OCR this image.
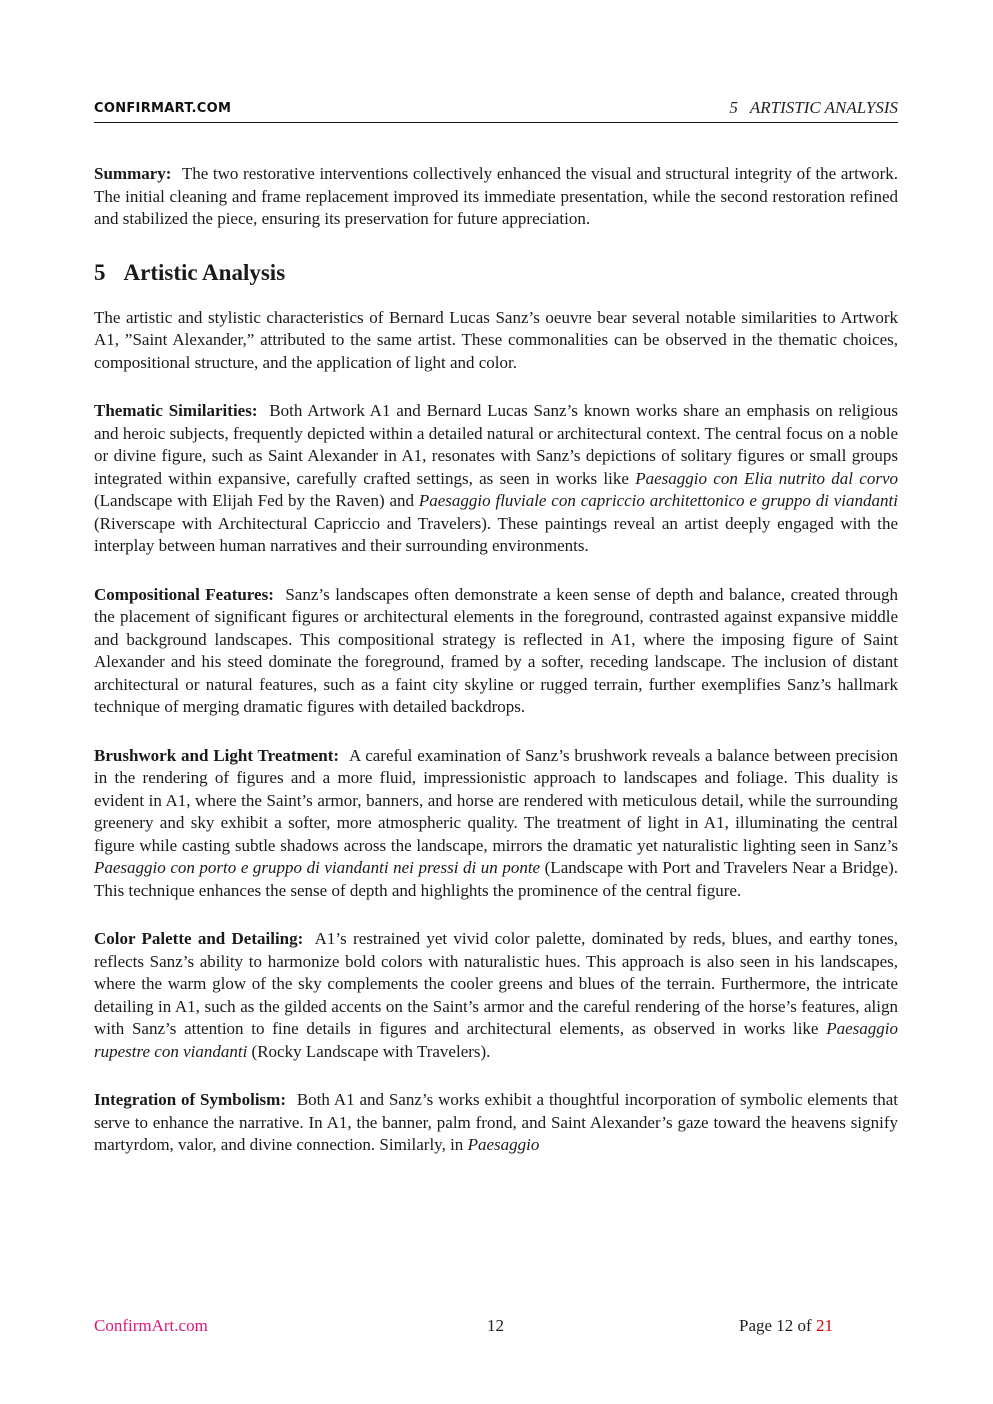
CONFIRMART.COM	5 ARTISTIC ANALYSIS

Summary: The two restorative interventions collectively enhanced the visual and structural integrity of the artwork. The initial cleaning and frame replacement improved its immediate presentation, while the second restoration refined and stabilized the piece, ensuring its preservation for future appreciation.

5 Artistic Analysis

The artistic and stylistic characteristics of Bernard Lucas Sanz’s oeuvre bear several notable similarities to Artwork A1, ”Saint Alexander,” attributed to the same artist. These commonalities can be observed in the thematic choices, compositional structure, and the application of light and color.

Thematic Similarities: Both Artwork A1 and Bernard Lucas Sanz’s known works share an emphasis on religious and heroic subjects, frequently depicted within a detailed natural or architectural context. The central focus on a noble or divine figure, such as Saint Alexander in A1, resonates with Sanz’s depictions of solitary figures or small groups integrated within expansive, carefully crafted settings, as seen in works like Paesaggio con Elia nutrito dal corvo (Landscape with Elijah Fed by the Raven) and Paesaggio fluviale con capriccio architettonico e gruppo di viandanti (Riverscape with Architectural Capriccio and Travelers). These paintings reveal an artist deeply engaged with the interplay between human narratives and their surrounding environments.

Compositional Features: Sanz’s landscapes often demonstrate a keen sense of depth and balance, created through the placement of significant figures or architectural elements in the foreground, contrasted against expansive middle and background landscapes. This compositional strategy is reflected in A1, where the imposing figure of Saint Alexander and his steed dominate the foreground, framed by a softer, receding landscape. The inclusion of distant architectural or natural features, such as a faint city skyline or rugged terrain, further exemplifies Sanz’s hallmark technique of merging dramatic figures with detailed backdrops.

Brushwork and Light Treatment: A careful examination of Sanz’s brushwork reveals a balance between precision in the rendering of figures and a more fluid, impressionistic approach to landscapes and foliage. This duality is evident in A1, where the Saint’s armor, banners, and horse are rendered with meticulous detail, while the surrounding greenery and sky exhibit a softer, more atmospheric quality. The treatment of light in A1, illuminating the central figure while casting subtle shadows across the landscape, mirrors the dramatic yet naturalistic lighting seen in Sanz’s Paesaggio con porto e gruppo di viandanti nei pressi di un ponte (Landscape with Port and Travelers Near a Bridge). This technique enhances the sense of depth and highlights the prominence of the central figure.

Color Palette and Detailing: A1’s restrained yet vivid color palette, dominated by reds, blues, and earthy tones, reflects Sanz’s ability to harmonize bold colors with naturalistic hues. This approach is also seen in his landscapes, where the warm glow of the sky complements the cooler greens and blues of the terrain. Furthermore, the intricate detailing in A1, such as the gilded accents on the Saint’s armor and the careful rendering of the horse’s features, align with Sanz’s attention to fine details in figures and architectural elements, as observed in works like Paesaggio rupestre con viandanti (Rocky Landscape with Travelers).

Integration of Symbolism: Both A1 and Sanz’s works exhibit a thoughtful incorporation of symbolic elements that serve to enhance the narrative. In A1, the banner, palm frond, and Saint Alexander’s gaze toward the heavens signify martyrdom, valor, and divine connection. Similarly, in Paesaggio

ConfirmArt.com	12	Page 12 of 21
